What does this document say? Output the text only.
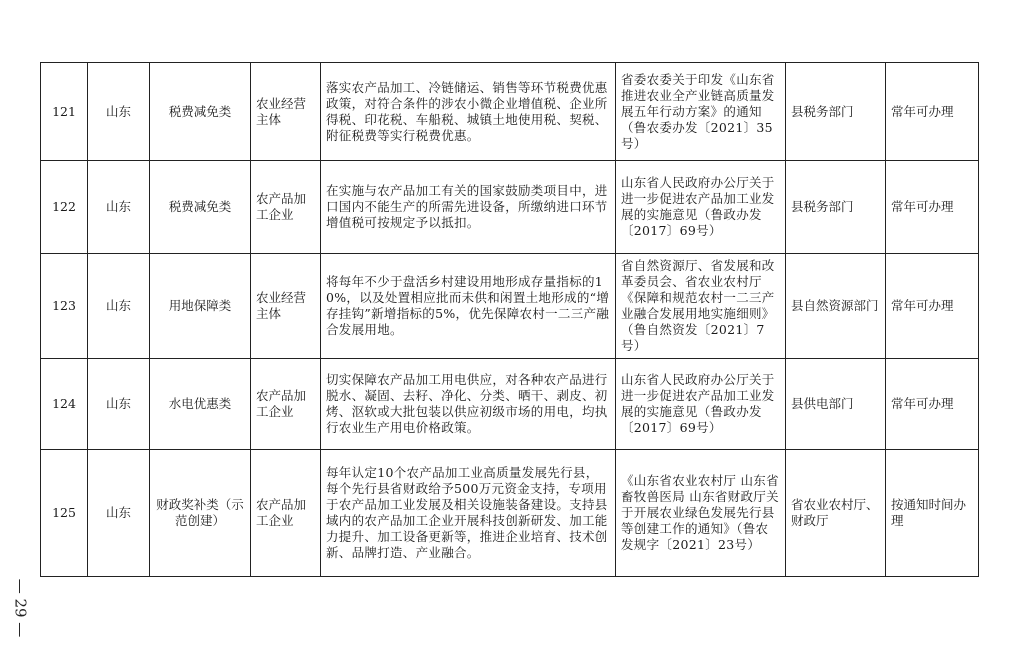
121	山东	税费减免类	农业经营主体	落实农产品加工、冷链储运、销售等环节税费优惠政策，对符合条件的涉农小微企业增值税、企业所得税、印花税、车船税、城镇土地使用税、契税、附征税费等实行税费优惠。	省委农委关于印发《山东省推进农业全产业链高质量发展五年行动方案》的通知（鲁农委办发〔2021〕35号）	县税务部门	常年可办理
122	山东	税费减免类	农产品加工企业	在实施与农产品加工有关的国家鼓励类项目中，进口国内不能生产的所需先进设备，所缴纳进口环节增值税可按规定予以抵扣。	山东省人民政府办公厅关于进一步促进农产品加工业发展的实施意见（鲁政办发〔2017〕69号）	县税务部门	常年可办理
123	山东	用地保障类	农业经营主体	将每年不少于盘活乡村建设用地形成存量指标的10%，以及处置相应批而未供和闲置土地形成的“增存挂钩”新增指标的5%，优先保障农村一二三产融合发展用地。	省自然资源厅、省发展和改革委员会、省农业农村厅《保障和规范农村一二三产业融合发展用地实施细则》（鲁自然资发〔2021〕7号）	县自然资源部门	常年可办理
124	山东	水电优惠类	农产品加工企业	切实保障农产品加工用电供应，对各种农产品进行脱水、凝固、去籽、净化、分类、晒干、剥皮、初烤、沤软或大批包装以供应初级市场的用电，均执行农业生产用电价格政策。	山东省人民政府办公厅关于进一步促进农产品加工业发展的实施意见（鲁政办发〔2017〕69号）	县供电部门	常年可办理
125	山东	财政奖补类（示范创建）	农产品加工企业	每年认定10个农产品加工业高质量发展先行县，每个先行县省财政给予500万元资金支持，专项用于农产品加工业发展及相关设施装备建设。支持县域内的农产品加工企业开展科技创新研发、加工能力提升、加工设备更新等，推进企业培育、技术创新、品牌打造、产业融合。	《山东省农业农村厅 山东省畜牧兽医局 山东省财政厅关于开展农业绿色发展先行县等创建工作的通知》（鲁农发规字〔2021〕23号）	省农业农村厅、财政厅	按通知时间办理
— 29 —
